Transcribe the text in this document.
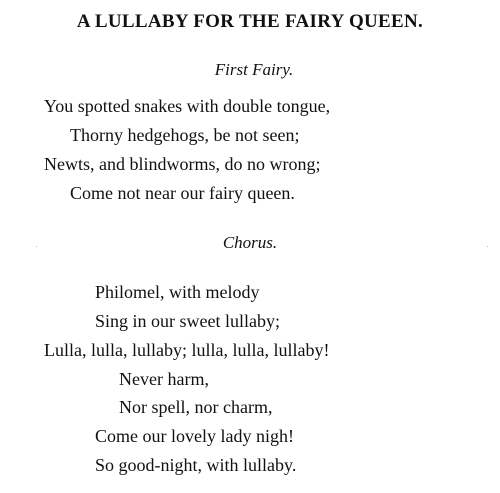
A LULLABY FOR THE FAIRY QUEEN.
First Fairy.
You spotted snakes with double tongue,
Thorny hedgehogs, be not seen;
Newts, and blindworms, do no wrong;
Come not near our fairy queen.
Chorus.
Philomel, with melody
Sing in our sweet lullaby;
Lulla, lulla, lullaby; lulla, lulla, lullaby!
Never harm,
Nor spell, nor charm,
Come our lovely lady nigh!
So good-night, with lullaby.
